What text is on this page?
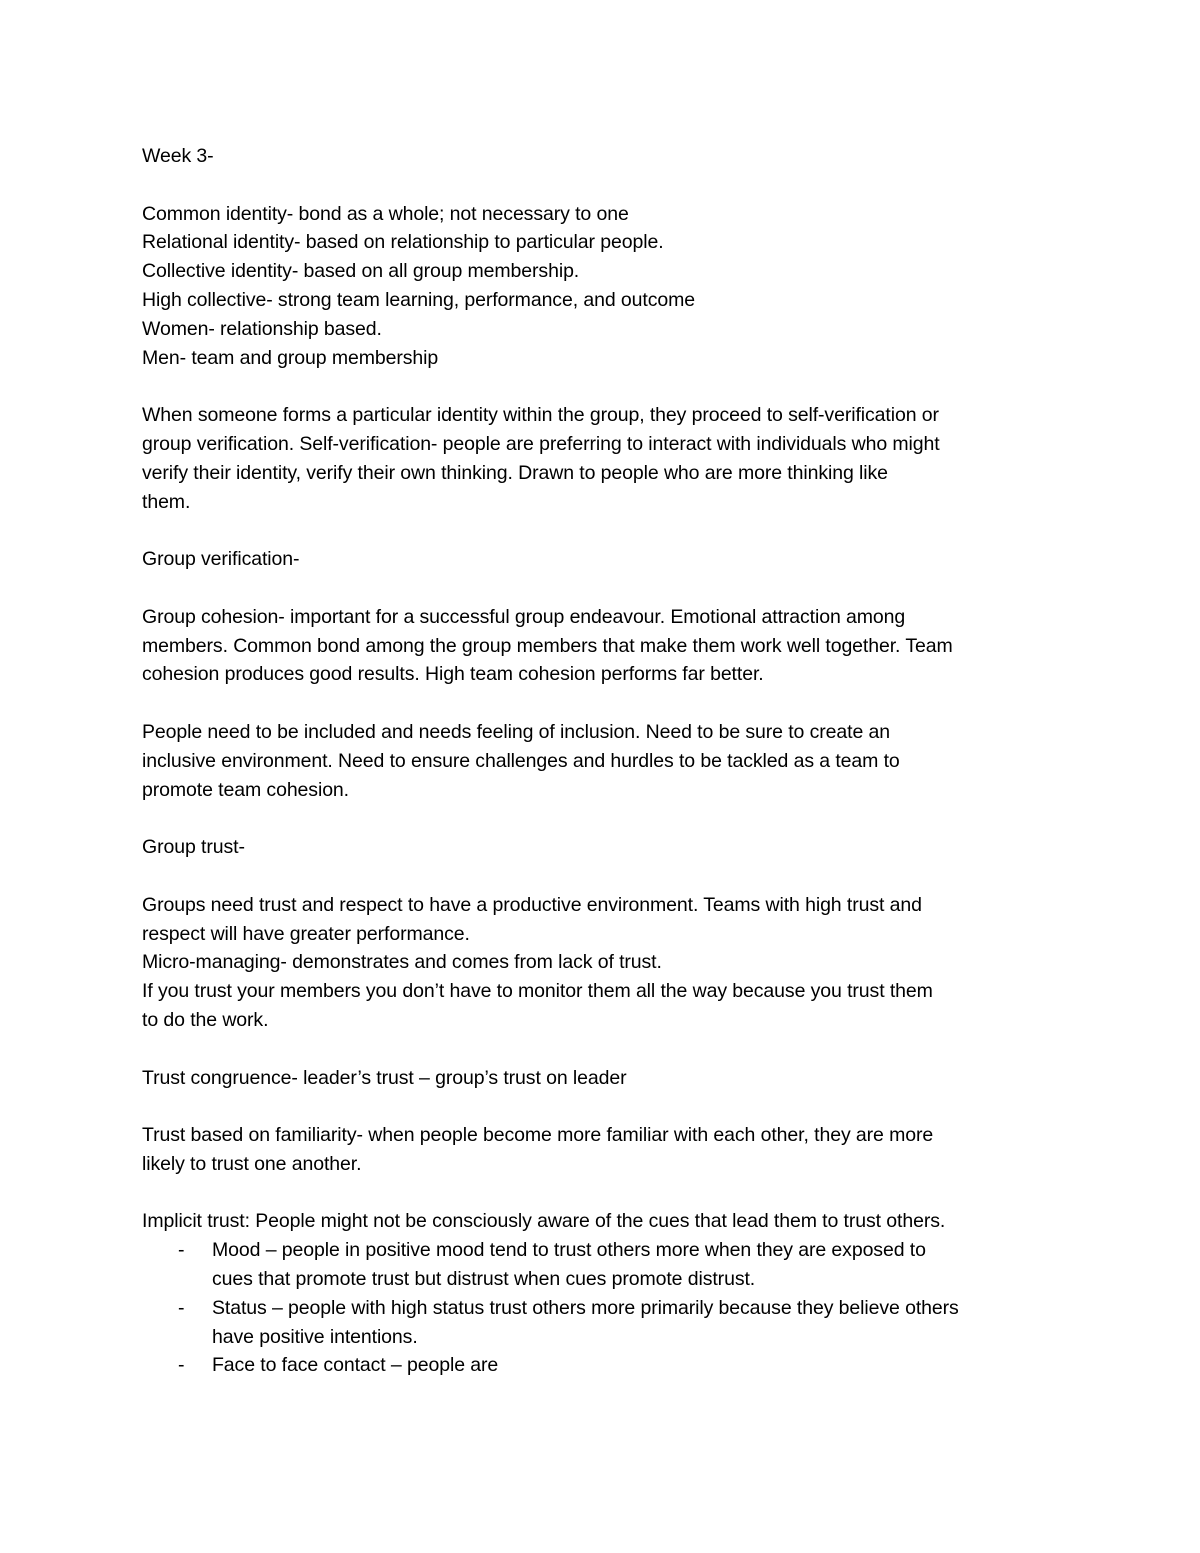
Week 3-
Common identity- bond as a whole; not necessary to one
Relational identity- based on relationship to particular people.
Collective identity- based on all group membership.
High collective- strong team learning, performance, and outcome
Women- relationship based.
Men- team and group membership
When someone forms a particular identity within the group, they proceed to self-verification or
group verification. Self-verification- people are preferring to interact with individuals who might
verify their identity, verify their own thinking. Drawn to people who are more thinking like
them.
Group verification-
Group cohesion- important for a successful group endeavour. Emotional attraction among
members. Common bond among the group members that make them work well together. Team
cohesion produces good results. High team cohesion performs far better.
People need to be included and needs feeling of inclusion. Need to be sure to create an
inclusive environment. Need to ensure challenges and hurdles to be tackled as a team to
promote team cohesion.
Group trust-
Groups need trust and respect to have a productive environment. Teams with high trust and
respect will have greater performance.
Micro-managing- demonstrates and comes from lack of trust.
If you trust your members you don’t have to monitor them all the way because you trust them
to do the work.
Trust congruence- leader’s trust – group’s trust on leader
Trust based on familiarity- when people become more familiar with each other, they are more
likely to trust one another.
Implicit trust: People might not be consciously aware of the cues that lead them to trust others.
- Mood – people in positive mood tend to trust others more when they are exposed to
cues that promote trust but distrust when cues promote distrust.
- Status – people with high status trust others more primarily because they believe others
have positive intentions.
- Face to face contact – people are
